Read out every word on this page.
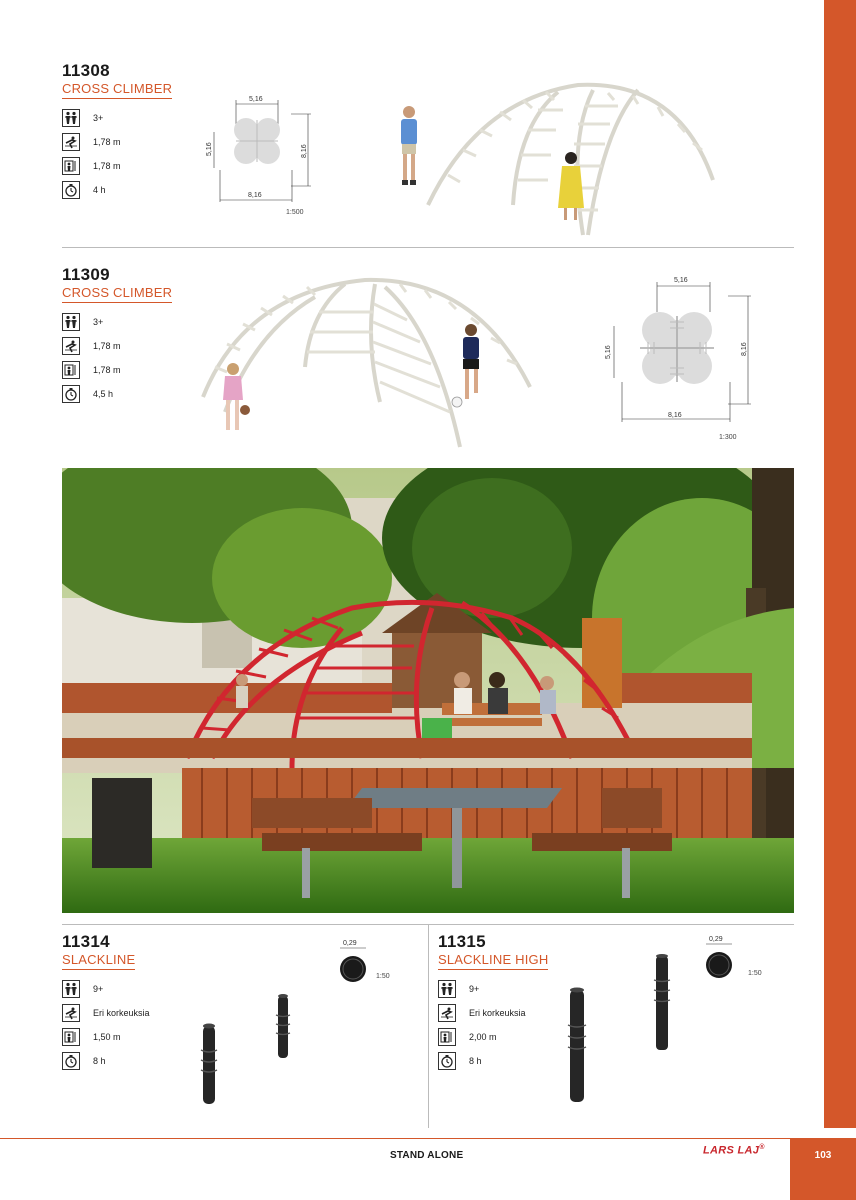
11308
CROSS CLIMBER
3+
1,78 m
1,78 m
4 h
5,16
5,16	8,16
8,16
1:500
11309
CROSS CLIMBER
3+
1,78 m
1,78 m
4,5 h
5,16
5,16	8,16
8,16
1:300
11314
SLACKLINE
9+
Eri korkeuksia
1,50 m
8 h
0,29
1:50
11315
SLACKLINE HIGH
9+
Eri korkeuksia
2,00 m
8 h
0,29
1:50
STAND ALONE	LARS LAJ®
103
